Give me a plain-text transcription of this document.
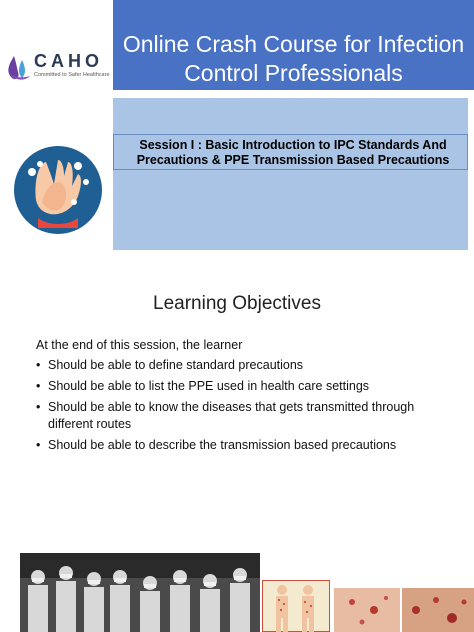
Online Crash Course for Infection Control Professionals
CAHO
Committed to Safer Healthcare
Session I : Basic Introduction to IPC Standards And Precautions & PPE Transmission Based Precautions
Learning Objectives

At the end of this session, the learner

• Should be able to define standard precautions
• Should be able to list the PPE used in health care settings
• Should be able to know the diseases that gets transmitted through different routes
• Should be able to describe the transmission based precautions
